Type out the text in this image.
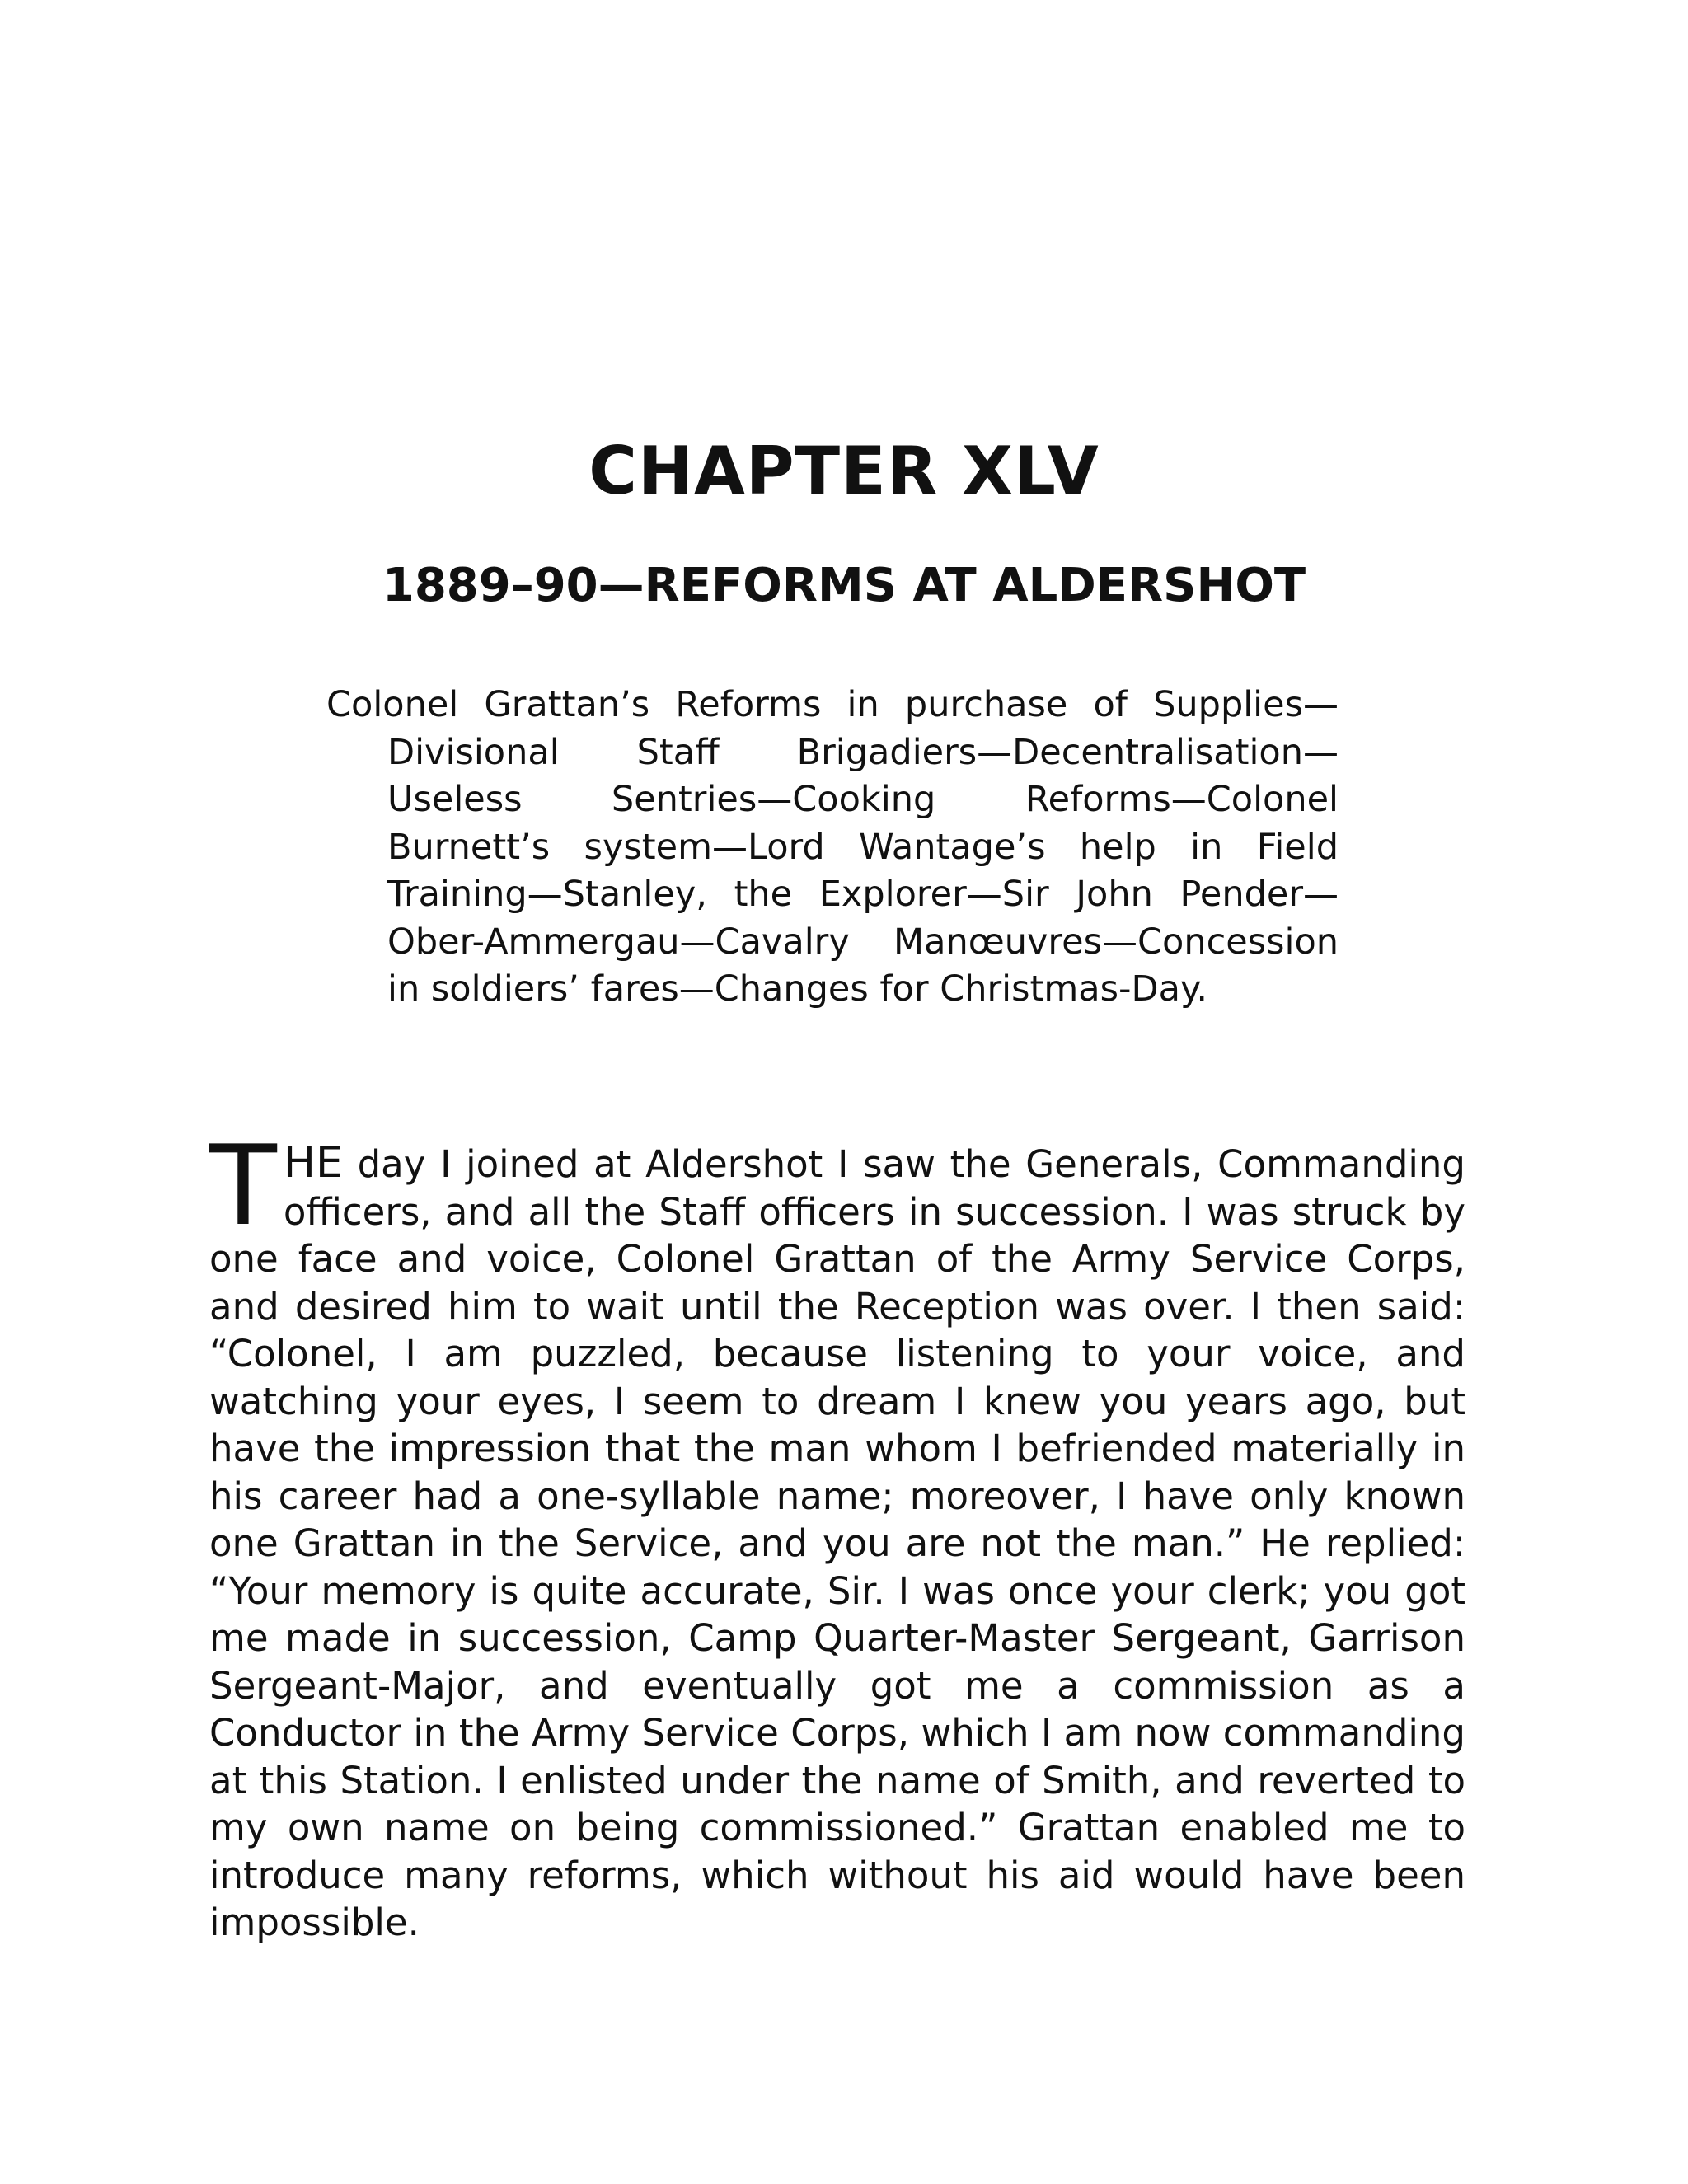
CHAPTER XLV
1889–90—REFORMS AT ALDERSHOT

Colonel Grattan’s Reforms in purchase of Supplies—Divisional Staff Brigadiers—Decentralisation—Useless Sentries—Cooking Reforms—Colonel Burnett’s system—Lord Wantage’s help in Field Training—Stanley, the Explorer—Sir John Pender—Ober-Ammergau—Cavalry Manœuvres—Concession in soldiers’ fares—Changes for Christmas-Day.

THE day I joined at Aldershot I saw the Generals, Commanding officers, and all the Staff officers in succession. I was struck by one face and voice, Colonel Grattan of the Army Service Corps, and desired him to wait until the Reception was over. I then said: “Colonel, I am puzzled, because listening to your voice, and watching your eyes, I seem to dream I knew you years ago, but have the impression that the man whom I befriended materially in his career had a one-syllable name; moreover, I have only known one Grattan in the Service, and you are not the man.” He replied: “Your memory is quite accurate, Sir. I was once your clerk; you got me made in succession, Camp Quarter-Master Sergeant, Garrison Sergeant-Major, and eventually got me a commission as a Conductor in the Army Service Corps, which I am now commanding at this Station. I enlisted under the name of Smith, and reverted to my own name on being commissioned.” Grattan enabled me to introduce many reforms, which without his aid would have been impossible.
